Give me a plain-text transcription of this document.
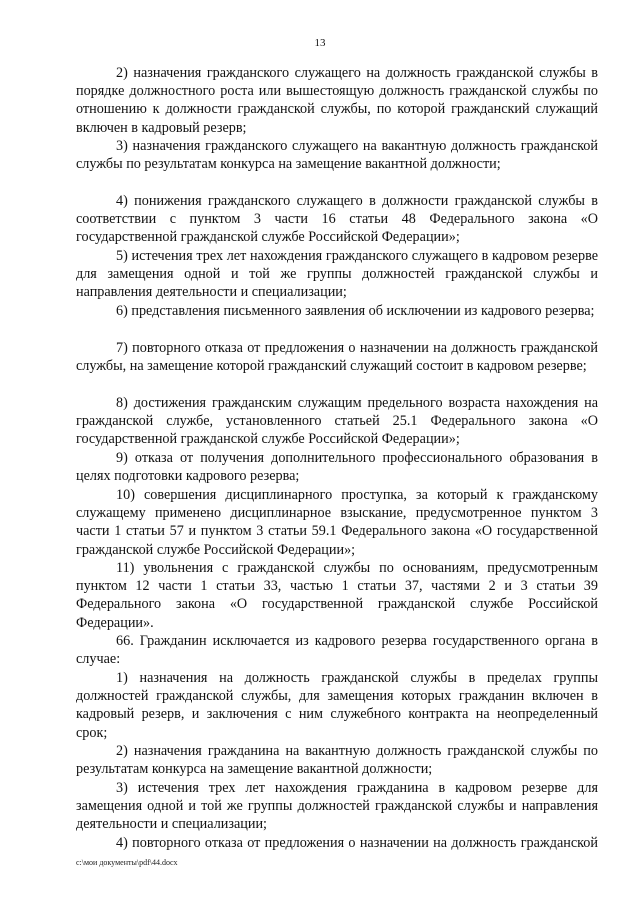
13

2) назначения гражданского служащего на должность гражданской службы в порядке должностного роста или вышестоящую должность гражданской службы по отношению к должности гражданской службы, по которой гражданский служащий включен в кадровый резерв;

3) назначения гражданского служащего на вакантную должность гражданской службы по результатам конкурса на замещение вакантной должности;

4) понижения гражданского служащего в должности гражданской службы в соответствии с пунктом 3 части 16 статьи 48 Федерального закона «О государственной гражданской службе Российской Федерации»;

5) истечения трех лет нахождения гражданского служащего в кадровом резерве для замещения одной и той же группы должностей гражданской службы и направления деятельности и специализации;

6) представления письменного заявления об исключении из кадрового резерва;

7) повторного отказа от предложения о назначении на должность гражданской службы, на замещение которой гражданский служащий состоит в кадровом резерве;

8) достижения гражданским служащим предельного возраста нахождения на гражданской службе, установленного статьей 25.1 Федерального закона «О государственной гражданской службе Российской Федерации»;

9) отказа от получения дополнительного профессионального образования в целях подготовки кадрового резерва;

10) совершения дисциплинарного проступка, за который к гражданскому служащему применено дисциплинарное взыскание, предусмотренное пунктом 3 части 1 статьи 57 и пунктом 3 статьи 59.1 Федерального закона «О государственной гражданской службе Российской Федерации»;

11) увольнения с гражданской службы по основаниям, предусмотренным пунктом 12 части 1 статьи 33, частью 1 статьи 37, частями 2 и 3 статьи 39 Федерального закона «О государственной гражданской службе Российской Федерации».

66. Гражданин исключается из кадрового резерва государственного органа в случае:

1) назначения на должность гражданской службы в пределах группы должностей гражданской службы, для замещения которых гражданин включен в кадровый резерв, и заключения с ним служебного контракта на неопределенный срок;

2) назначения гражданина на вакантную должность гражданской службы по результатам конкурса на замещение вакантной должности;

3) истечения трех лет нахождения гражданина в кадровом резерве для замещения одной и той же группы должностей гражданской службы и направления деятельности и специализации;

4) повторного отказа от предложения о назначении на должность гражданской

c:\мои документы\pdf\44.docx
